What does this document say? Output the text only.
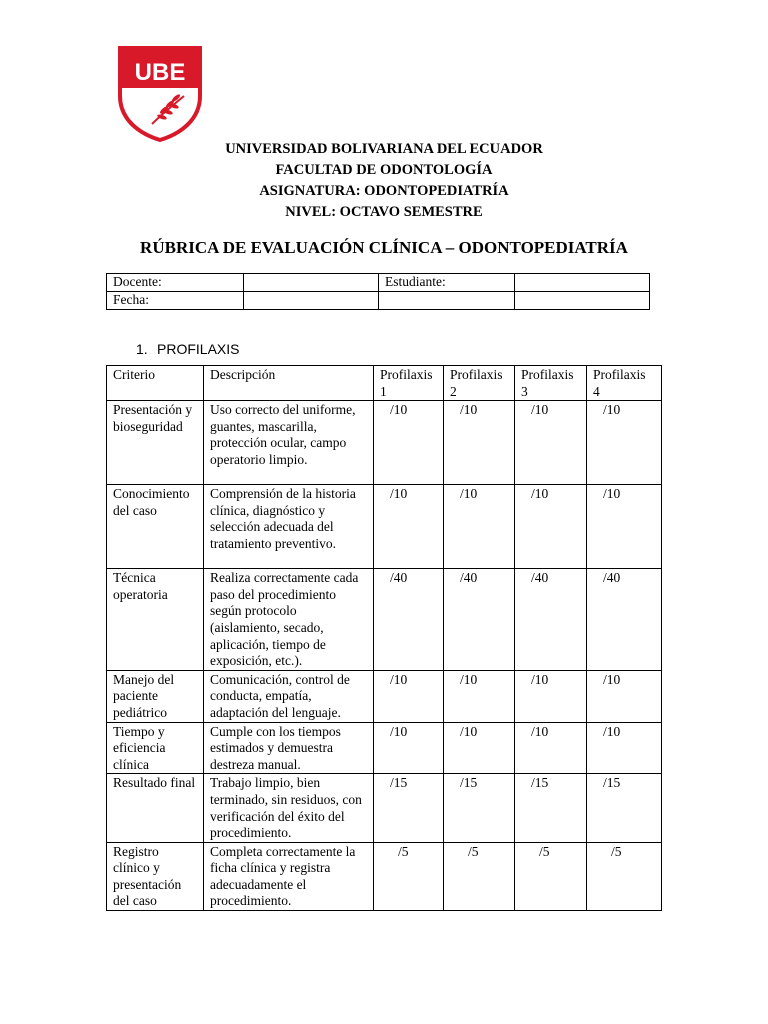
UBE
UNIVERSIDAD BOLIVARIANA DEL ECUADOR
FACULTAD DE ODONTOLOGÍA
ASIGNATURA: ODONTOPEDIATRÍA
NIVEL: OCTAVO SEMESTRE
RÚBRICA DE EVALUACIÓN CLÍNICA – ODONTOPEDIATRÍA
Docente:		Estudiante:	
Fecha:			
1. PROFILAXIS
Criterio	Descripción	Profilaxis 1	Profilaxis 2	Profilaxis 3	Profilaxis 4
Presentación y bioseguridad	Uso correcto del uniforme, guantes, mascarilla, protección ocular, campo operatorio limpio.	/10	/10	/10	/10
Conocimiento del caso	Comprensión de la historia clínica, diagnóstico y selección adecuada del tratamiento preventivo.	/10	/10	/10	/10
Técnica operatoria	Realiza correctamente cada paso del procedimiento según protocolo (aislamiento, secado, aplicación, tiempo de exposición, etc.).	/40	/40	/40	/40
Manejo del paciente pediátrico	Comunicación, control de conducta, empatía, adaptación del lenguaje.	/10	/10	/10	/10
Tiempo y eficiencia clínica	Cumple con los tiempos estimados y demuestra destreza manual.	/10	/10	/10	/10
Resultado final	Trabajo limpio, bien terminado, sin residuos, con verificación del éxito del procedimiento.	/15	/15	/15	/15
Registro clínico y presentación del caso	Completa correctamente la ficha clínica y registra adecuadamente el procedimiento.	/5	/5	/5	/5
